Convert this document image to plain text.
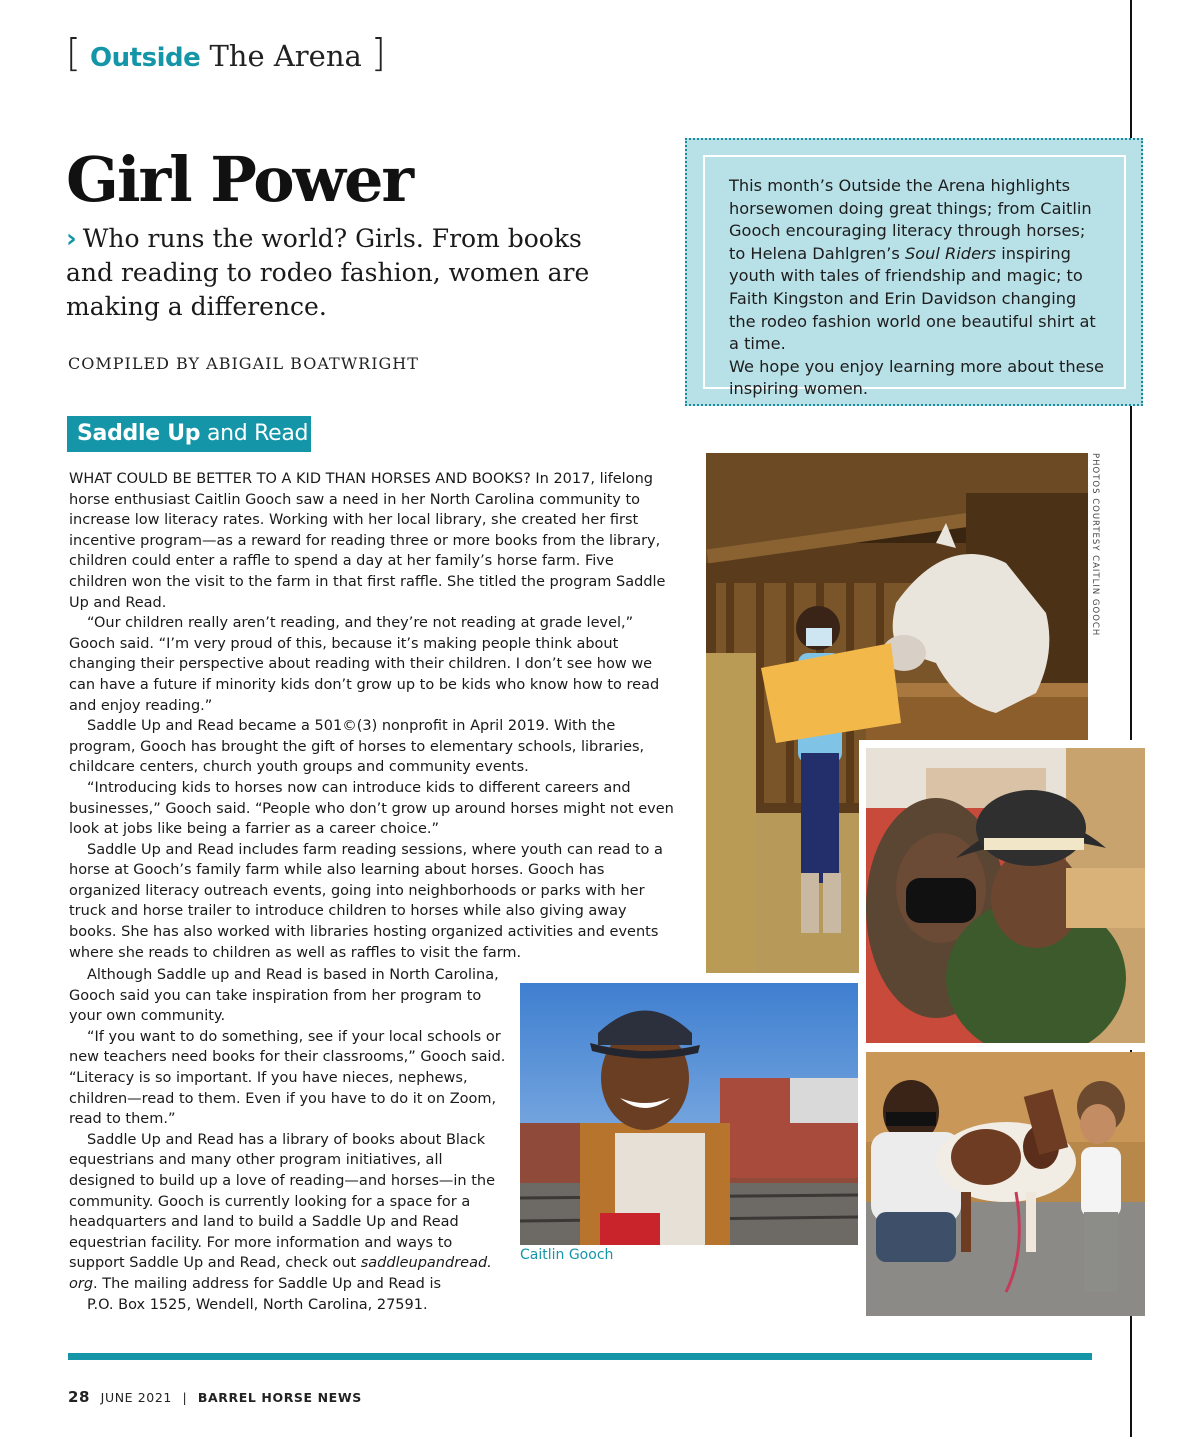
[ Outside The Arena ]
Girl Power
› Who runs the world? Girls. From books and reading to rodeo fashion, women are making a difference.
COMPILED BY ABIGAIL BOATWRIGHT
This month’s Outside the Arena highlights horsewomen doing great things; from Caitlin Gooch encouraging literacy through horses; to Helena Dahlgren’s Soul Riders inspiring youth with tales of friendship and magic; to Faith Kingston and Erin Davidson changing the rodeo fashion world one beautiful shirt at a time.
We hope you enjoy learning more about these inspiring women.
Saddle Up and Read

WHAT COULD BE BETTER TO A KID THAN HORSES AND BOOKS? In 2017, lifelong horse enthusiast Caitlin Gooch saw a need in her North Carolina community to increase low literacy rates. Working with her local library, she created her first incentive program—as a reward for reading three or more books from the library, children could enter a raffle to spend a day at her family’s horse farm. Five children won the visit to the farm in that first raffle. She titled the program Saddle Up and Read.

“Our children really aren’t reading, and they’re not reading at grade level,” Gooch said. “I’m very proud of this, because it’s making people think about changing their perspective about reading with their children. I don’t see how we can have a future if minority kids don’t grow up to be kids who know how to read and enjoy reading.”

Saddle Up and Read became a 501©(3) nonprofit in April 2019. With the program, Gooch has brought the gift of horses to elementary schools, libraries, childcare centers, church youth groups and community events.

“Introducing kids to horses now can introduce kids to different careers and businesses,” Gooch said. “People who don’t grow up around horses might not even look at jobs like being a farrier as a career choice.”

Saddle Up and Read includes farm reading sessions, where youth can read to a horse at Gooch’s family farm while also learning about horses. Gooch has organized literacy outreach events, going into neighborhoods or parks with her truck and horse trailer to introduce children to horses while also giving away books. She has also worked with libraries hosting organized activities and events where she reads to children as well as raffles to visit the farm.

Although Saddle up and Read is based in North Carolina, Gooch said you can take inspiration from her program to your own community.

“If you want to do something, see if your local schools or new teachers need books for their classrooms,” Gooch said. “Literacy is so important. If you have nieces, nephews, children—read to them. Even if you have to do it on Zoom, read to them.”

Saddle Up and Read has a library of books about Black equestrians and many other program initiatives, all designed to build up a love of reading—and horses—in the community. Gooch is currently looking for a space for a headquarters and land to build a Saddle Up and Read equestrian facility. For more information and ways to support Saddle Up and Read, check out saddleupandread. org. The mailing address for Saddle Up and Read is

P.O. Box 1525, Wendell, North Carolina, 27591.

PHOTOS COURTESY CAITLIN GOOCH
Caitlin Gooch
28 JUNE 2021 | BARREL HORSE NEWS
